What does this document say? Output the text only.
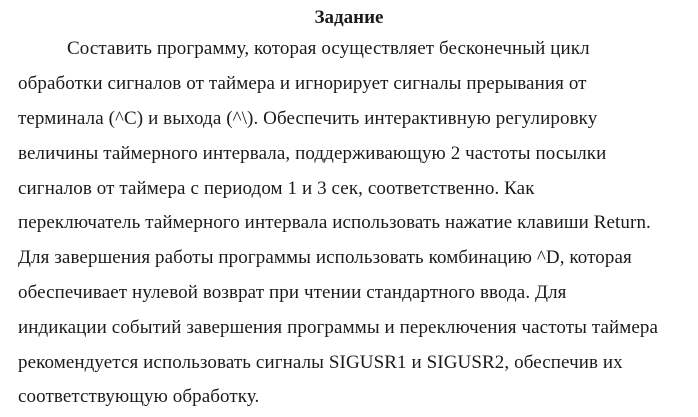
Задание
Составить программу, которая осуществляет бесконечный цикл
обработки сигналов от таймера и игнорирует сигналы прерывания от
терминала (^C) и выхода (^\). Обеспечить интерактивную регулировку
величины таймерного интервала, поддерживающую 2 частоты посылки
сигналов от таймера с периодом 1 и 3 сек, соответственно. Как
переключатель таймерного интервала использовать нажатие клавиши Return.
Для завершения работы программы использовать комбинацию ^D, которая
обеспечивает нулевой возврат при чтении стандартного ввода. Для
индикации событий завершения программы и переключения частоты таймера
рекомендуется использовать сигналы SIGUSR1 и SIGUSR2, обеспечив их
соответствующую обработку.
